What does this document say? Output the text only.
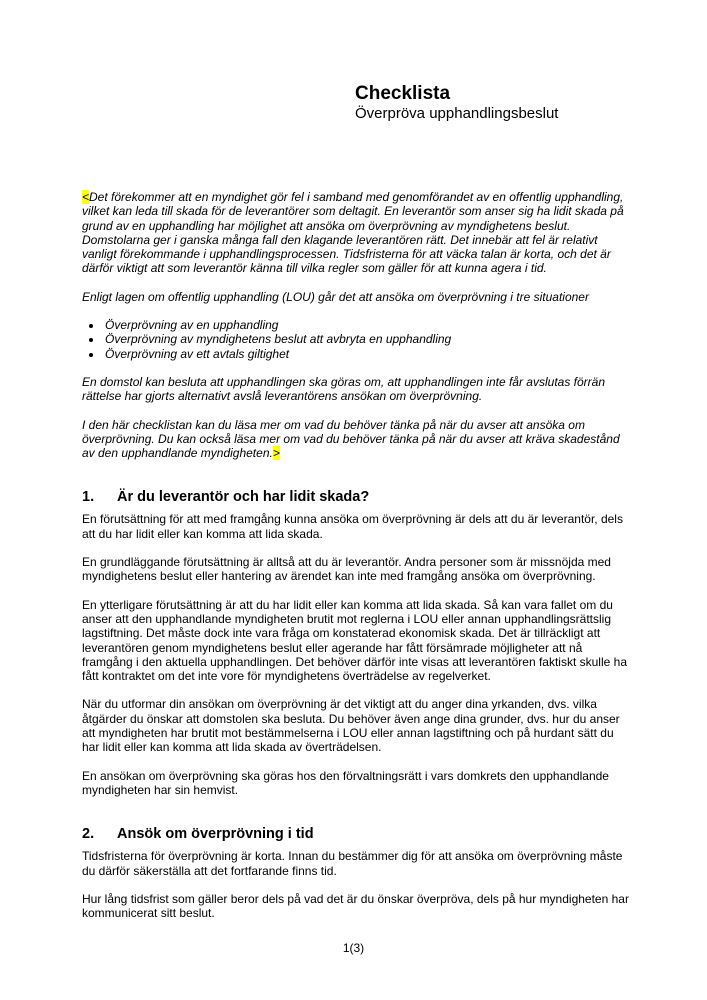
Checklista

Överpröva upphandlingsbeslut

<Det förekommer att en myndighet gör fel i samband med genomförandet av en offentlig upphandling, vilket kan leda till skada för de leverantörer som deltagit. En leverantör som anser sig ha lidit skada på grund av en upphandling har möjlighet att ansöka om överprövning av myndighetens beslut. Domstolarna ger i ganska många fall den klagande leverantören rätt. Det innebär att fel är relativt vanligt förekommande i upphandlingsprocessen. Tidsfristerna för att väcka talan är korta, och det är därför viktigt att som leverantör känna till vilka regler som gäller för att kunna agera i tid.

Enligt lagen om offentlig upphandling (LOU) går det att ansöka om överprövning i tre situationer

• Överprövning av en upphandling
• Överprövning av myndighetens beslut att avbryta en upphandling
• Överprövning av ett avtals giltighet

En domstol kan besluta att upphandlingen ska göras om, att upphandlingen inte får avslutas förrän rättelse har gjorts alternativt avslå leverantörens ansökan om överprövning.

I den här checklistan kan du läsa mer om vad du behöver tänka på när du avser att ansöka om överprövning. Du kan också läsa mer om vad du behöver tänka på när du avser att kräva skadestånd av den upphandlande myndigheten.>

1. Är du leverantör och har lidit skada?

En förutsättning för att med framgång kunna ansöka om överprövning är dels att du är leverantör, dels att du har lidit eller kan komma att lida skada.

En grundläggande förutsättning är alltså att du är leverantör. Andra personer som är missnöjda med myndighetens beslut eller hantering av ärendet kan inte med framgång ansöka om överprövning.

En ytterligare förutsättning är att du har lidit eller kan komma att lida skada. Så kan vara fallet om du anser att den upphandlande myndigheten brutit mot reglerna i LOU eller annan upphandlingsrättslig lagstiftning. Det måste dock inte vara fråga om konstaterad ekonomisk skada. Det är tillräckligt att leverantören genom myndighetens beslut eller agerande har fått försämrade möjligheter att nå framgång i den aktuella upphandlingen. Det behöver därför inte visas att leverantören faktiskt skulle ha fått kontraktet om det inte vore för myndighetens överträdelse av regelverket.

När du utformar din ansökan om överprövning är det viktigt att du anger dina yrkanden, dvs. vilka åtgärder du önskar att domstolen ska besluta. Du behöver även ange dina grunder, dvs. hur du anser att myndigheten har brutit mot bestämmelserna i LOU eller annan lagstiftning och på hurdant sätt du har lidit eller kan komma att lida skada av överträdelsen.

En ansökan om överprövning ska göras hos den förvaltningsrätt i vars domkrets den upphandlande myndigheten har sin hemvist.

2. Ansök om överprövning i tid

Tidsfristerna för överprövning är korta. Innan du bestämmer dig för att ansöka om överprövning måste du därför säkerställa att det fortfarande finns tid.

Hur lång tidsfrist som gäller beror dels på vad det är du önskar överpröva, dels på hur myndigheten har kommunicerat sitt beslut.

1(3)
